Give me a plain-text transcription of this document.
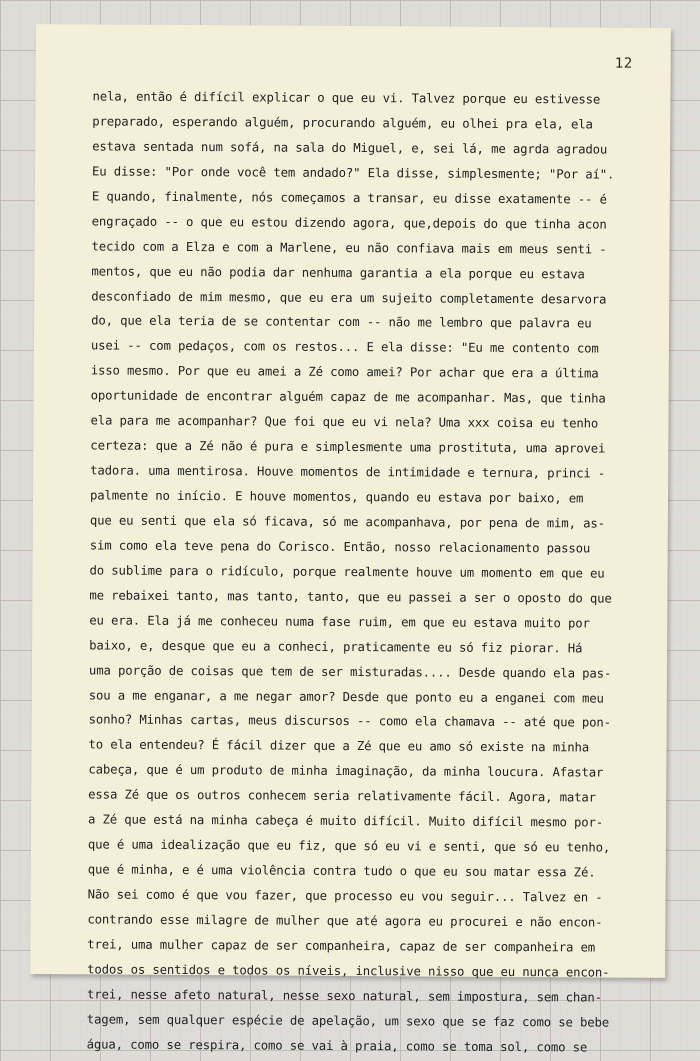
12
nela, então é difícil explicar o que eu vi. Talvez porque eu estivesse
preparado, esperando alguém, procurando alguém, eu olhei pra ela, ela
estava sentada num sofá, na sala do Miguel, e, sei lá, me agrda agradou
Eu disse: "Por onde você tem andado?" Ela disse, simplesmente; "Por aí".
E quando, finalmente, nós começamos a transar, eu disse exatamente -- é
engraçado -- o que eu estou dizendo agora, que,depois do que tinha acon
tecido com a Elza e com a Marlene, eu não confiava mais em meus senti -
mentos, que eu não podia dar nenhuma garantia a ela porque eu estava
desconfiado de mim mesmo, que eu era um sujeito completamente desarvora
do, que ela teria de se contentar com -- não me lembro que palavra eu
usei -- com pedaços, com os restos... E ela disse: "Eu me contento com
isso mesmo. Por que eu amei a Zé como amei? Por achar que era a última
oportunidade de encontrar alguém capaz de me acompanhar. Mas, que tinha
ela para me acompanhar? Que foi que eu vi nela? Uma xxx coisa eu tenho
certeza: que a Zé não é pura e simplesmente uma prostituta, uma aprovei
tadora. uma mentirosa. Houve momentos de intimidade e ternura, princi -
palmente no início. E houve momentos, quando eu estava por baixo, em
que eu senti que ela só ficava, só me acompanhava, por pena de mim, as-
sim como ela teve pena do Corisco. Então, nosso relacionamento passou
do sublime para o ridículo, porque realmente houve um momento em que eu
me rebaixei tanto, mas tanto, tanto, que eu passei a ser o oposto do que
eu era. Ela já me conheceu numa fase ruim, em que eu estava muito por
baixo, e, desque que eu a conheci, praticamente eu só fiz piorar. Há
uma porção de coisas que tem de ser misturadas.... Desde quando ela pas-
sou a me enganar, a me negar amor? Desde que ponto eu a enganei com meu
sonho? Minhas cartas, meus discursos -- como ela chamava -- até que pon-
to ela entendeu? É fácil dizer que a Zé que eu amo só existe na minha
cabeça, que é um produto de minha imaginação, da minha loucura. Afastar
essa Zé que os outros conhecem seria relativamente fácil. Agora, matar
a Zé que está na minha cabeça é muito difícil. Muito difícil mesmo por-
que é uma idealização que eu fiz, que só eu vi e senti, que só eu tenho,
que é minha, e é uma violência contra tudo o que eu sou matar essa Zé.
Não sei como é que vou fazer, que processo eu vou seguir... Talvez en -
contrando esse milagre de mulher que até agora eu procurei e não encon-
trei, uma mulher capaz de ser companheira, capaz de ser companheira em
todos os sentidos e todos os níveis, inclusive nisso que eu nunca encon-
trei, nesse afeto natural, nesse sexo natural, sem impostura, sem chan-
tagem, sem qualquer espécie de apelação, um sexo que se faz como se bebe
água, como se respira, como se vai à praia, como se toma sol, como se
